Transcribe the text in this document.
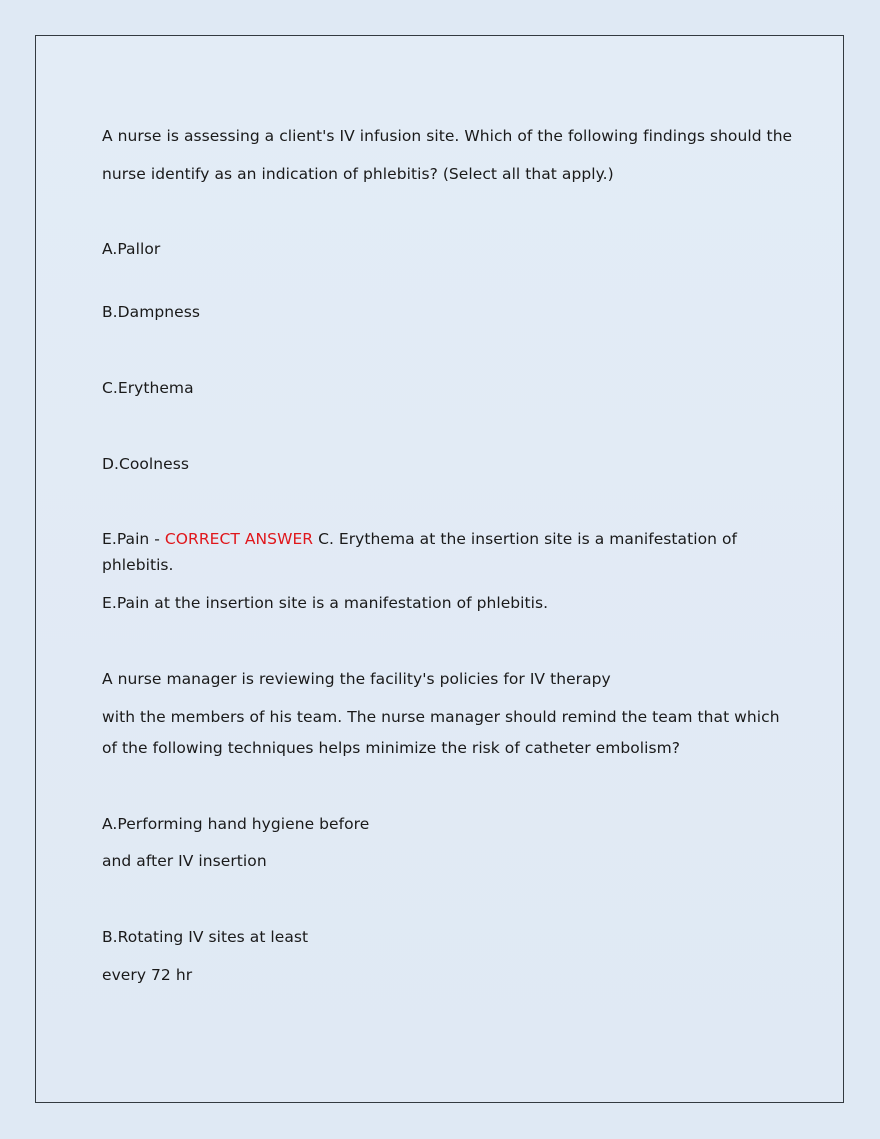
A nurse is assessing a client's IV infusion site. Which of the following findings should the
nurse identify as an indication of phlebitis? (Select all that apply.)
A.Pallor
B.Dampness
C.Erythema
D.Coolness
E.Pain - CORRECT ANSWER C. Erythema at the insertion site is a manifestation of phlebitis.
E.Pain at the insertion site is a manifestation of phlebitis.
A nurse manager is reviewing the facility's policies for IV therapy
with the members of his team. The nurse manager should remind the team that which
of the following techniques helps minimize the risk of catheter embolism?
A.Performing hand hygiene before
and after IV insertion
B.Rotating IV sites at least
every 72 hr
